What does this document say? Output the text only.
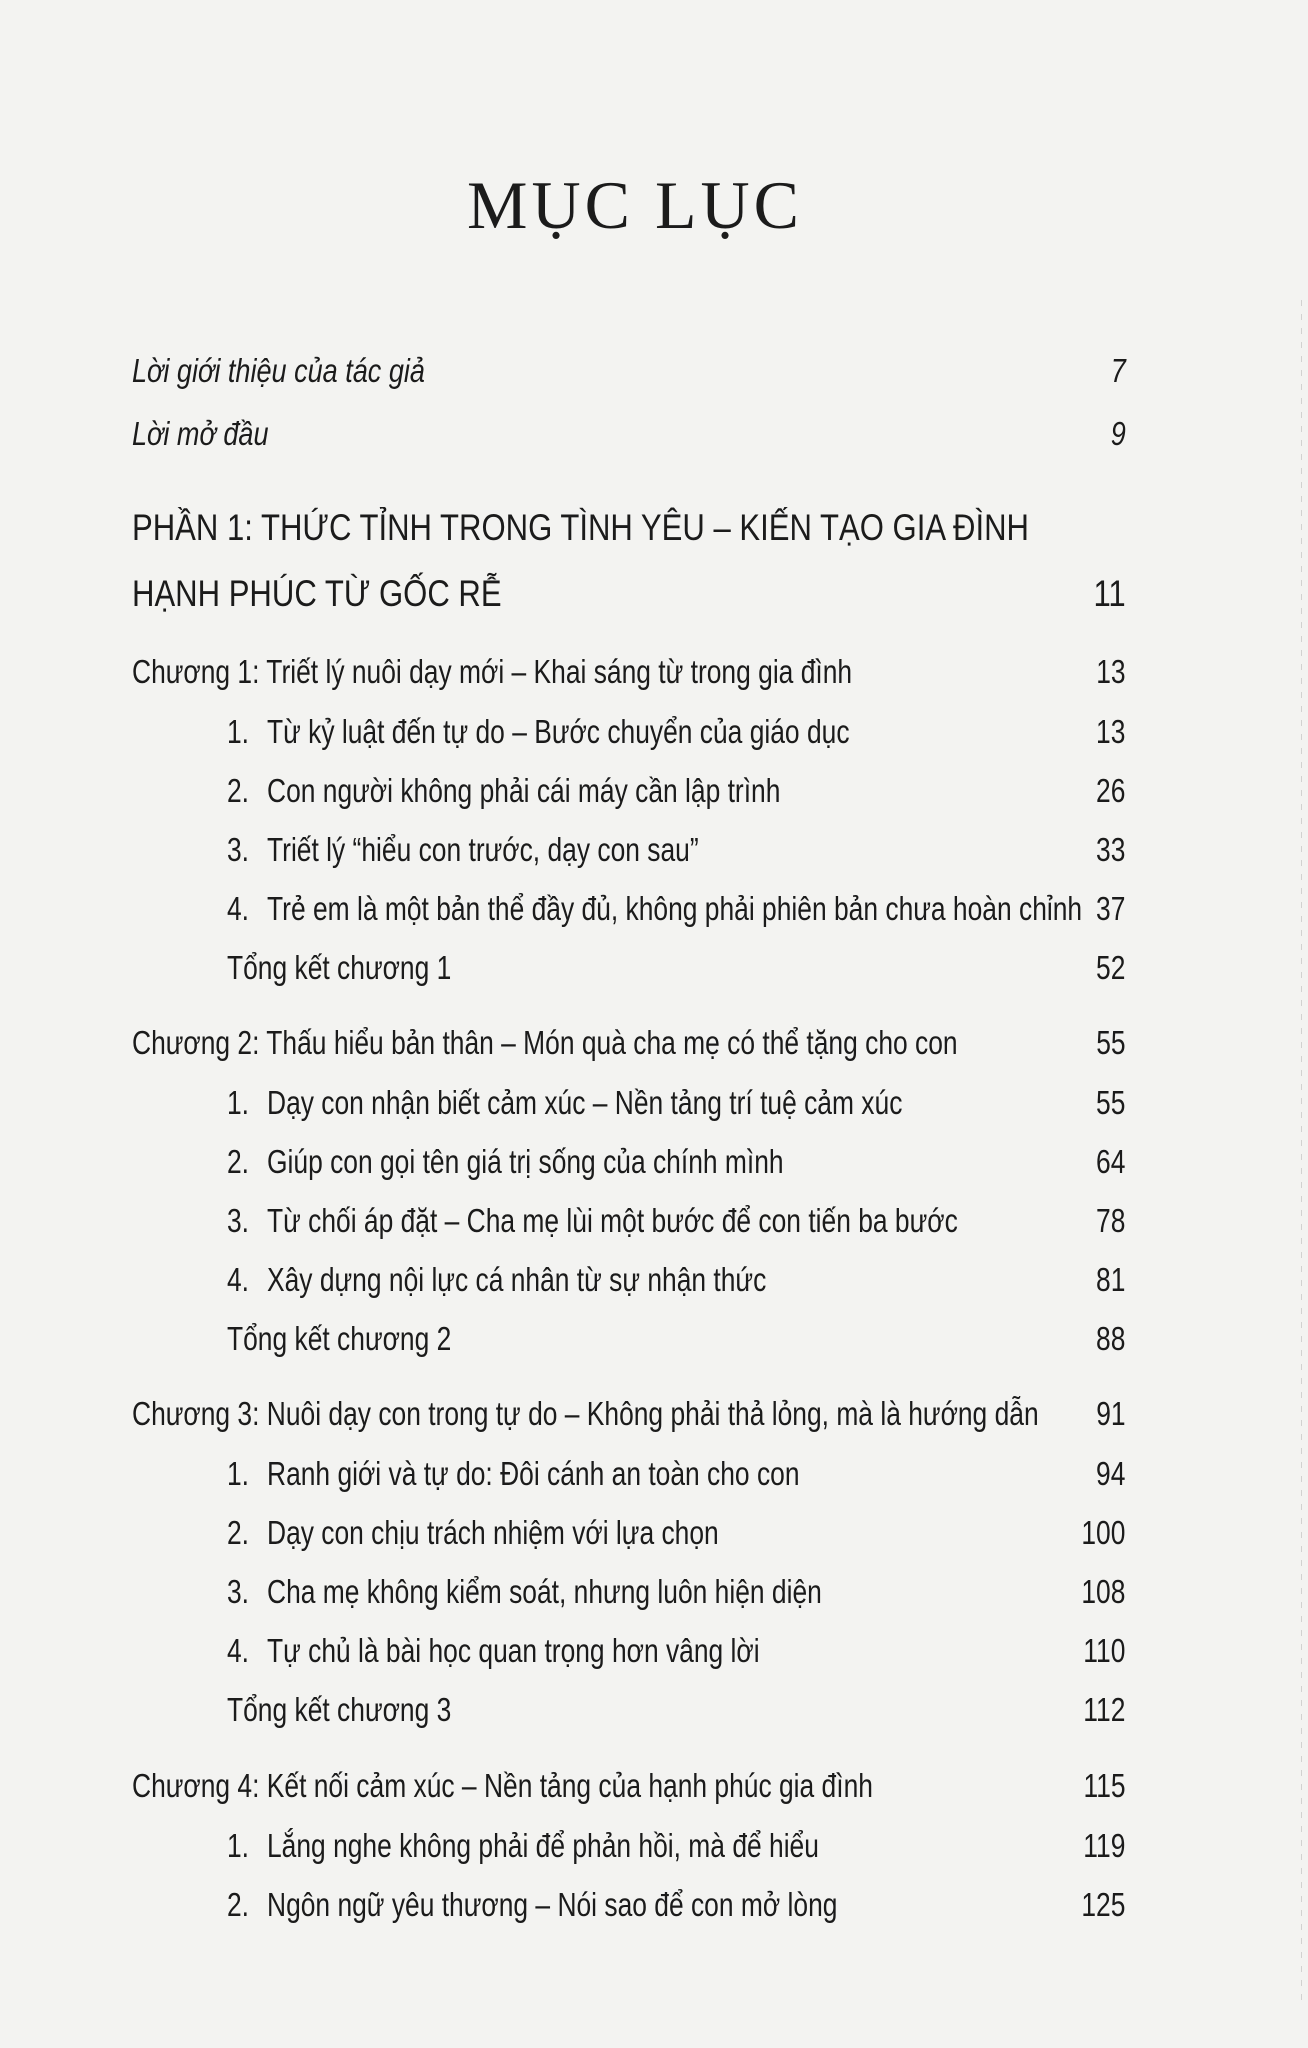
MỤC LỤC
Lời giới thiệu của tác giả	7
Lời mở đầu	9
PHẦN 1: THỨC TỈNH TRONG TÌNH YÊU – KIẾN TẠO GIA ĐÌNH
HẠNH PHÚC TỪ GỐC RỄ	11
Chương 1: Triết lý nuôi dạy mới – Khai sáng từ trong gia đình	13
1. Từ kỷ luật đến tự do – Bước chuyển của giáo dục	13
2. Con người không phải cái máy cần lập trình	26
3. Triết lý “hiểu con trước, dạy con sau”	33
4. Trẻ em là một bản thể đầy đủ, không phải phiên bản chưa hoàn chỉnh 37
Tổng kết chương 1	52
Chương 2: Thấu hiểu bản thân – Món quà cha mẹ có thể tặng cho con	55
1. Dạy con nhận biết cảm xúc – Nền tảng trí tuệ cảm xúc	55
2. Giúp con gọi tên giá trị sống của chính mình	64
3. Từ chối áp đặt – Cha mẹ lùi một bước để con tiến ba bước	78
4. Xây dựng nội lực cá nhân từ sự nhận thức	81
Tổng kết chương 2	88
Chương 3: Nuôi dạy con trong tự do – Không phải thả lỏng, mà là hướng dẫn 91
1. Ranh giới và tự do: Đôi cánh an toàn cho con	94
2. Dạy con chịu trách nhiệm với lựa chọn	100
3. Cha mẹ không kiểm soát, nhưng luôn hiện diện	108
4. Tự chủ là bài học quan trọng hơn vâng lời	110
Tổng kết chương 3	112
Chương 4: Kết nối cảm xúc – Nền tảng của hạnh phúc gia đình	115
1. Lắng nghe không phải để phản hồi, mà để hiểu	119
2. Ngôn ngữ yêu thương – Nói sao để con mở lòng	125
